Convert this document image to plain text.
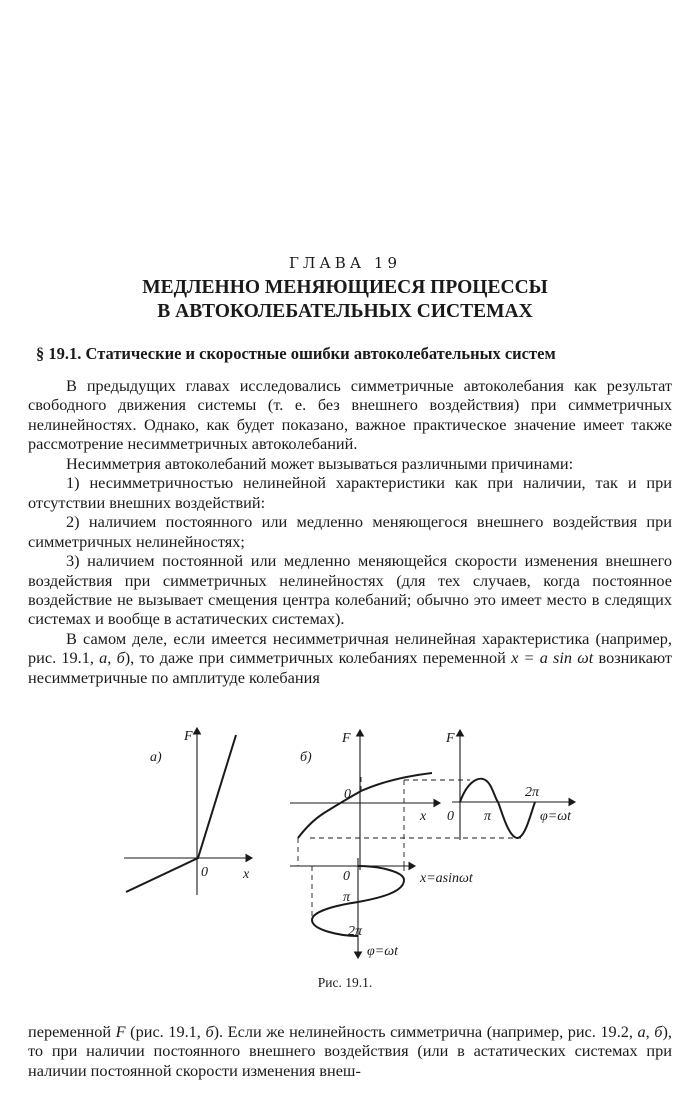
ГЛАВА 19
МЕДЛЕННО МЕНЯЮЩИЕСЯ ПРОЦЕССЫ
В АВТОКОЛЕБАТЕЛЬНЫХ СИСТЕМАХ
§ 19.1. Статические и скоростные ошибки автоколебательных систем

В предыдущих главах исследовались симметричные автоколебания как результат свободного движения системы (т. е. без внешнего воздействия) при симметричных нелинейностях. Однако, как будет показано, важное практическое значение имеет также рассмотрение несимметричных автоколебаний.

Несимметрия автоколебаний может вызываться различными причинами:

1) несимметричностью нелинейной характеристики как при наличии, так и при отсутствии внешних воздействий:

2) наличием постоянного или медленно меняющегося внешнего воздействия при симметричных нелинейностях;

3) наличием постоянной или медленно меняющейся скорости изменения внешнего воздействия при симметричных нелинейностях (для тех случаев, когда постоянное воздействие не вызывает смещения центра колебаний; обычно это имеет место в следящих системах и вообще в астатических системах).

В самом деле, если имеется несимметричная нелинейная характеристика (например, рис. 19.1, а, б), то даже при симметричных колебаниях переменной x = a sin ωt возникают несимметричные по амплитуде колебания

а)
F
x
0
б)
F
0
x
F
0 π
2π
φ=ωt
0
π
x=asinωt
2π
φ=ωt
Рис. 19.1.

переменной F (рис. 19.1, б). Если же нелинейность симметрична (например, рис. 19.2, а, б), то при наличии постоянного внешнего воздействия (или в астатических системах при наличии постоянной скорости изменения внеш-
